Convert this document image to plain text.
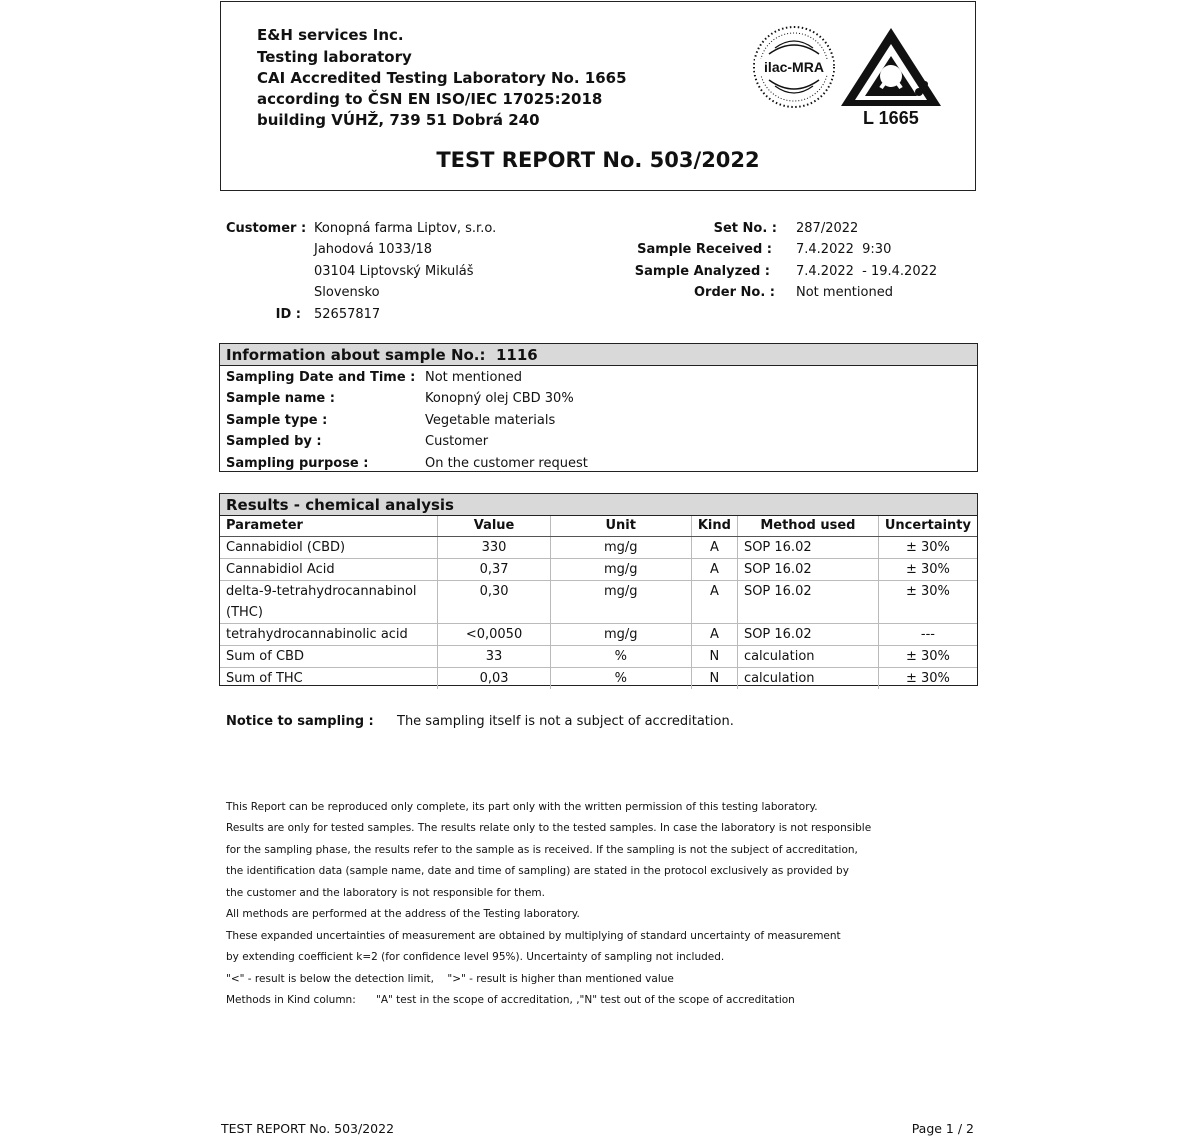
E&H services Inc.
Testing laboratory
CAI Accredited Testing Laboratory No. 1665
according to ČSN EN ISO/IEC 17025:2018
building VÚHŽ, 739 51 Dobrá 240
ilac-MRA
L 1665
TEST REPORT No. 503/2022
Customer : Konopná farma Liptov, s.r.o.
Jahodová 1033/18
03104 Liptovský Mikuláš
Slovensko
ID : 52657817
Set No. : 287/2022
Sample Received : 7.4.2022  9:30
Sample Analyzed : 7.4.2022  - 19.4.2022
Order No. : Not mentioned
Information about sample No.:  1116
Sampling Date and Time : Not mentioned
Sample name :	Konopný olej CBD 30%
Sample type :	Vegetable materials
Sampled by :	Customer
Sampling purpose :	On the customer request
Results - chemical analysis
Parameter	Value	Unit	Kind	Method used	Uncertainty
Cannabidiol (CBD)	330	mg/g	A	SOP 16.02	± 30%
Cannabidiol Acid	0,37	mg/g	A	SOP 16.02	± 30%

delta-9-tetrahydrocannabinol
(THC)	0,30	mg/g	A	SOP 16.02	± 30%
tetrahydrocannabinolic acid	<0,0050	mg/g	A	SOP 16.02	---
Sum of CBD	33	%	N	calculation	± 30%
Sum of THC	0,03	%	N	calculation	± 30%
Notice to sampling : The sampling itself is not a subject of accreditation.
This Report can be reproduced only complete, its part only with the written permission of this testing laboratory.
Results are only for tested samples. The results relate only to the tested samples. In case the laboratory is not responsible
for the sampling phase, the results refer to the sample as is received. If the sampling is not the subject of accreditation,
the identification data (sample name, date and time of sampling) are stated in the protocol exclusively as provided by
the customer and the laboratory is not responsible for them.
All methods are performed at the address of the Testing laboratory.
These expanded uncertainties of measurement are obtained by multiplying of standard uncertainty of measurement
by extending coefficient k=2 (for confidence level 95%). Uncertainty of sampling not included.
"<" - result is below the detection limit,    ">" - result is higher than mentioned value
Methods in Kind column: "A" test in the scope of accreditation, ,"N" test out of the scope of accreditation
TEST REPORT No. 503/2022	Page 1 / 2
